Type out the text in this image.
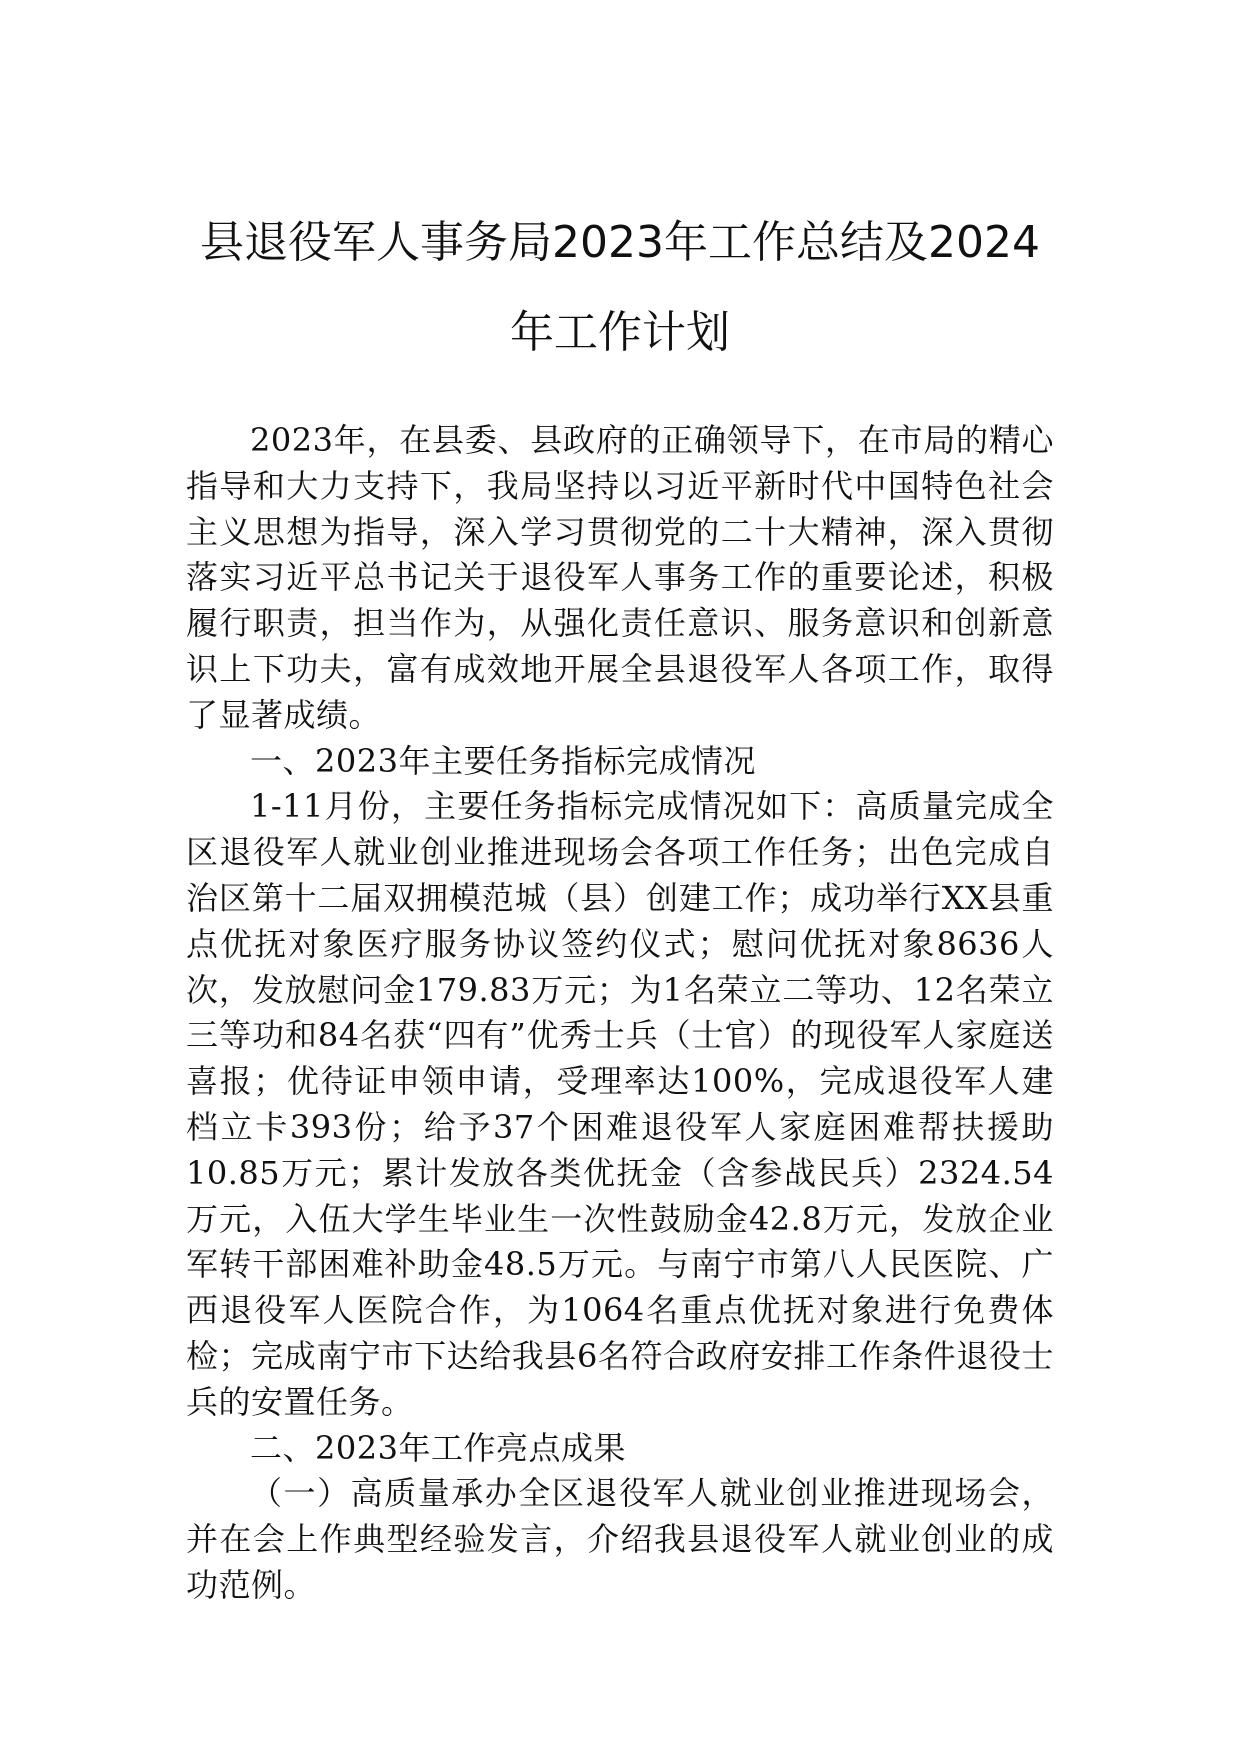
县退役军人事务局2023年工作总结及2024
年工作计划

2023年，在县委、县政府的正确领导下，在市局的精心指导和大力支持下，我局坚持以习近平新时代中国特色社会主义思想为指导，深入学习贯彻党的二十大精神，深入贯彻落实习近平总书记关于退役军人事务工作的重要论述，积极履行职责，担当作为，从强化责任意识、服务意识和创新意识上下功夫，富有成效地开展全县退役军人各项工作，取得了显著成绩。

一、2023年主要任务指标完成情况

1-11月份，主要任务指标完成情况如下：高质量完成全区退役军人就业创业推进现场会各项工作任务；出色完成自治区第十二届双拥模范城（县）创建工作；成功举行XX县重点优抚对象医疗服务协议签约仪式；慰问优抚对象8636人次，发放慰问金179.83万元；为1名荣立二等功、12名荣立三等功和84名获“四有”优秀士兵（士官）的现役军人家庭送喜报；优待证申领申请，受理率达100%，完成退役军人建档立卡393份；给予37个困难退役军人家庭困难帮扶援助10.85万元；累计发放各类优抚金（含参战民兵）2324.54万元，入伍大学生毕业生一次性鼓励金42.8万元，发放企业军转干部困难补助金48.5万元。与南宁市第八人民医院、广西退役军人医院合作，为1064名重点优抚对象进行免费体检；完成南宁市下达给我县6名符合政府安排工作条件退役士兵的安置任务。

二、2023年工作亮点成果

（一）高质量承办全区退役军人就业创业推进现场会，并在会上作典型经验发言，介绍我县退役军人就业创业的成功范例。
